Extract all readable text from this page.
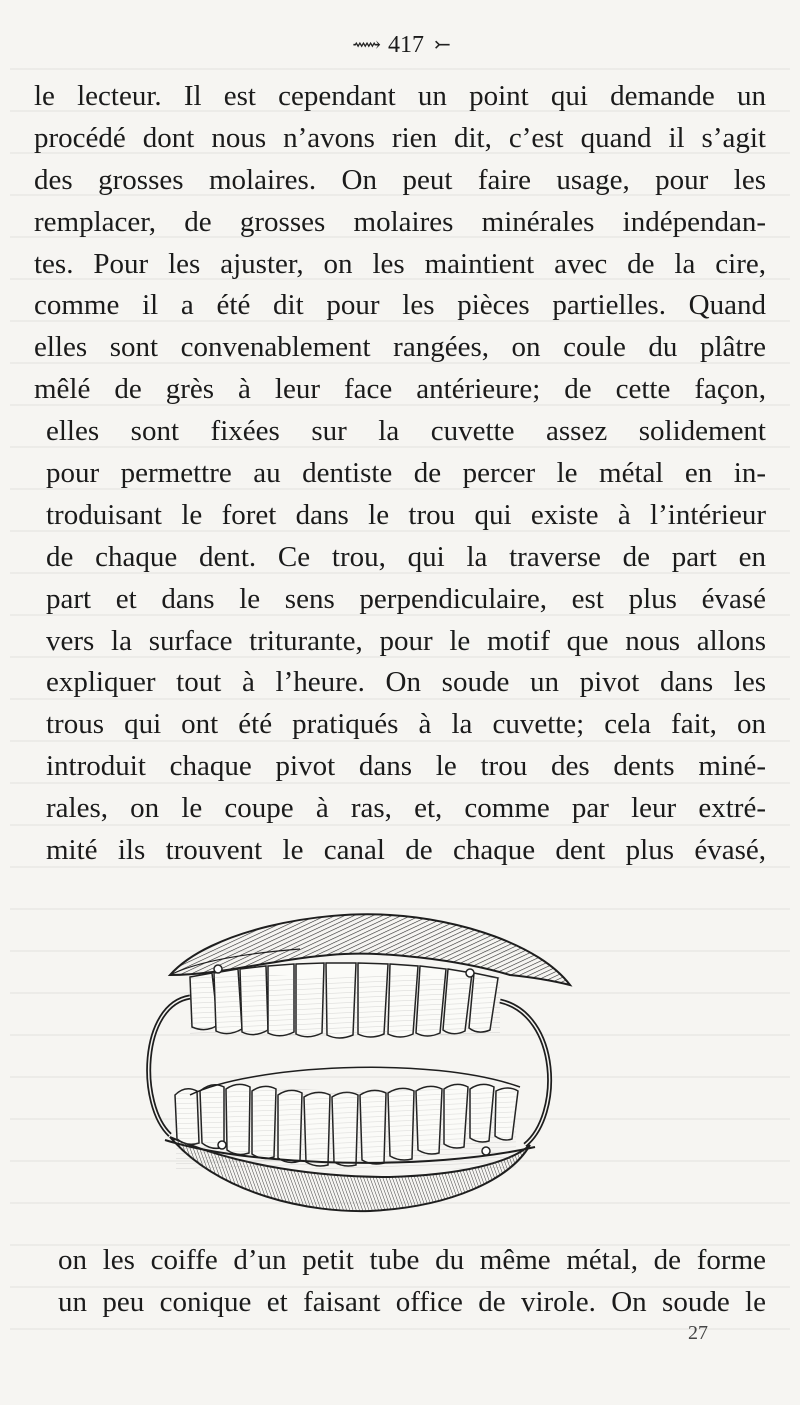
⟿ 417 ⤚
le lecteur. Il est cependant un point qui demande un
procédé dont nous n’avons rien dit, c’est quand il s’agit
des grosses molaires. On peut faire usage, pour les
remplacer, de grosses molaires minérales indépendan-
tes. Pour les ajuster, on les maintient avec de la cire,
comme il a été dit pour les pièces partielles. Quand
elles sont convenablement rangées, on coule du plâtre
mêlé de grès à leur face antérieure; de cette façon,
elles sont fixées sur la cuvette assez solidement
pour permettre au dentiste de percer le métal en in-
troduisant le foret dans le trou qui existe à l’intérieur
de chaque dent. Ce trou, qui la traverse de part en
part et dans le sens perpendiculaire, est plus évasé
vers la surface triturante, pour le motif que nous allons
expliquer tout à l’heure. On soude un pivot dans les
trous qui ont été pratiqués à la cuvette; cela fait, on
introduit chaque pivot dans le trou des dents miné-
rales, on le coupe à ras, et, comme par leur extré-
mité ils trouvent le canal de chaque dent plus évasé,
on les coiffe d’un petit tube du même métal, de forme
un peu conique et faisant office de virole. On soude le
27
